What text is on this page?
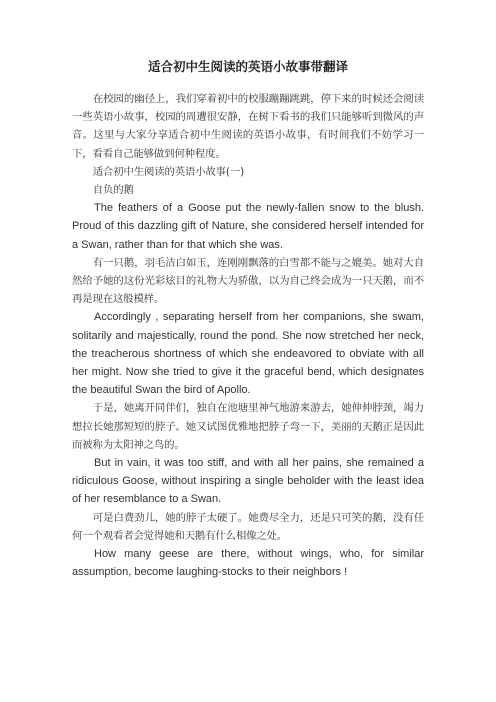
适合初中生阅读的英语小故事带翻译

在校园的幽径上，我们穿着初中的校服蹦蹦跳跳，停下来的时候还会阅读一些英语小故事，校园的周遭很安静，在树下看书的我们只能够听到微风的声音。这里与大家分享适合初中生阅读的英语小故事，有时间我们不妨学习一下，看看自己能够做到何种程度。

适合初中生阅读的英语小故事(一)

自负的鹅

The feathers of a Goose put the newly-fallen snow to the blush. Proud of this dazzling gift of Nature, she considered herself intended for a Swan, rather than for that which she was.

有一只鹅，羽毛洁白如玉，连刚刚飘落的白雪都不能与之媲美。她对大自然给予她的这份光彩炫目的礼物大为骄傲，以为自己终会成为一只天鹅，而不再是现在这般模样。

Accordingly , separating herself from her companions, she swam, solitarily and majestically, round the pond. She now stretched her neck, the treacherous shortness of which she endeavored to obviate with all her might. Now she tried to give it the graceful bend, which designates the beautiful Swan the bird of Apollo.

于是，她离开同伴们，独自在池塘里神气地游来游去，她伸伸脖颈，竭力想拉长她那短短的脖子。她又试图优雅地把脖子弯一下，美丽的天鹅正是因此而被称为太阳神之鸟的。

But in vain, it was too stiff, and with all her pains, she remained a ridiculous Goose, without inspiring a single beholder with the least idea of her resemblance to a Swan.

可是白费劲儿，她的脖子太硬了。她费尽全力，还是只可笑的鹅，没有任何一个观看者会觉得她和天鹅有什么相像之处。

How many geese are there, without wings, who, for similar assumption, become laughing-stocks to their neighbors !
